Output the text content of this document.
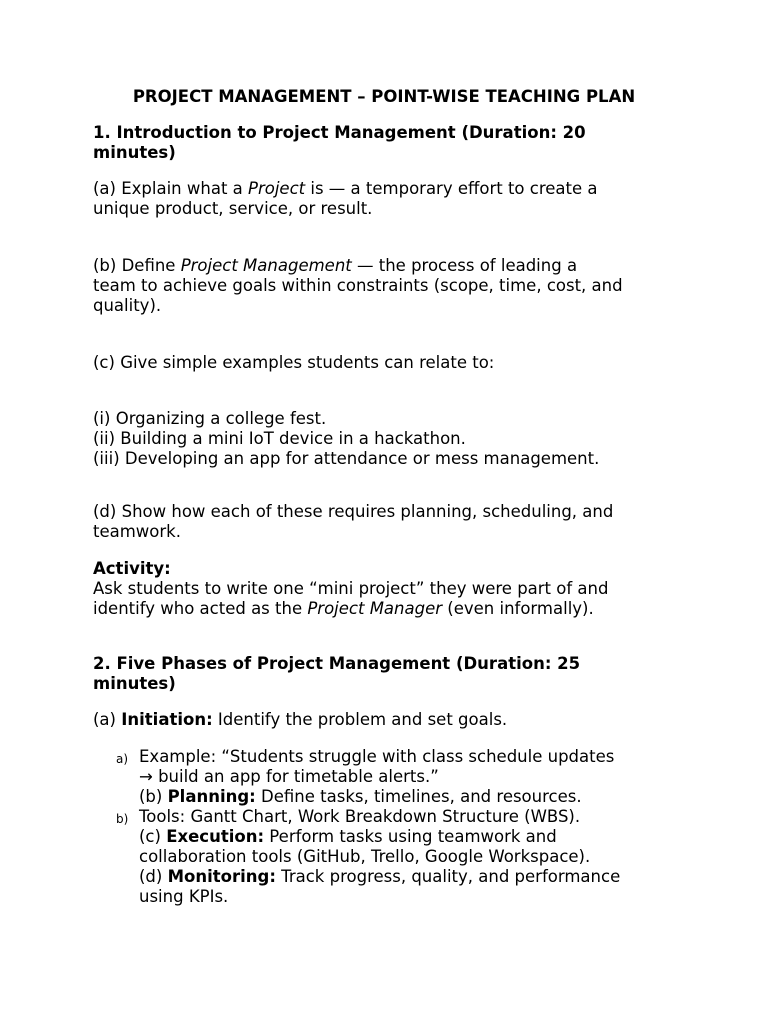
PROJECT MANAGEMENT – POINT-WISE TEACHING PLAN
1. Introduction to Project Management (Duration: 20
minutes)
(a) Explain what a Project is — a temporary effort to create a
unique product, service, or result.
(b) Define Project Management — the process of leading a
team to achieve goals within constraints (scope, time, cost, and
quality).
(c) Give simple examples students can relate to:
(i) Organizing a college fest.
(ii) Building a mini IoT device in a hackathon.
(iii) Developing an app for attendance or mess management.
(d) Show how each of these requires planning, scheduling, and
teamwork.
Activity:
Ask students to write one “mini project” they were part of and
identify who acted as the Project Manager (even informally).
2. Five Phases of Project Management (Duration: 25
minutes)
(a) Initiation: Identify the problem and set goals.
a) Example: “Students struggle with class schedule updates
→ build an app for timetable alerts.”
(b) Planning: Define tasks, timelines, and resources.
b) Tools: Gantt Chart, Work Breakdown Structure (WBS).
(c) Execution: Perform tasks using teamwork and
collaboration tools (GitHub, Trello, Google Workspace).
(d) Monitoring: Track progress, quality, and performance
using KPIs.
